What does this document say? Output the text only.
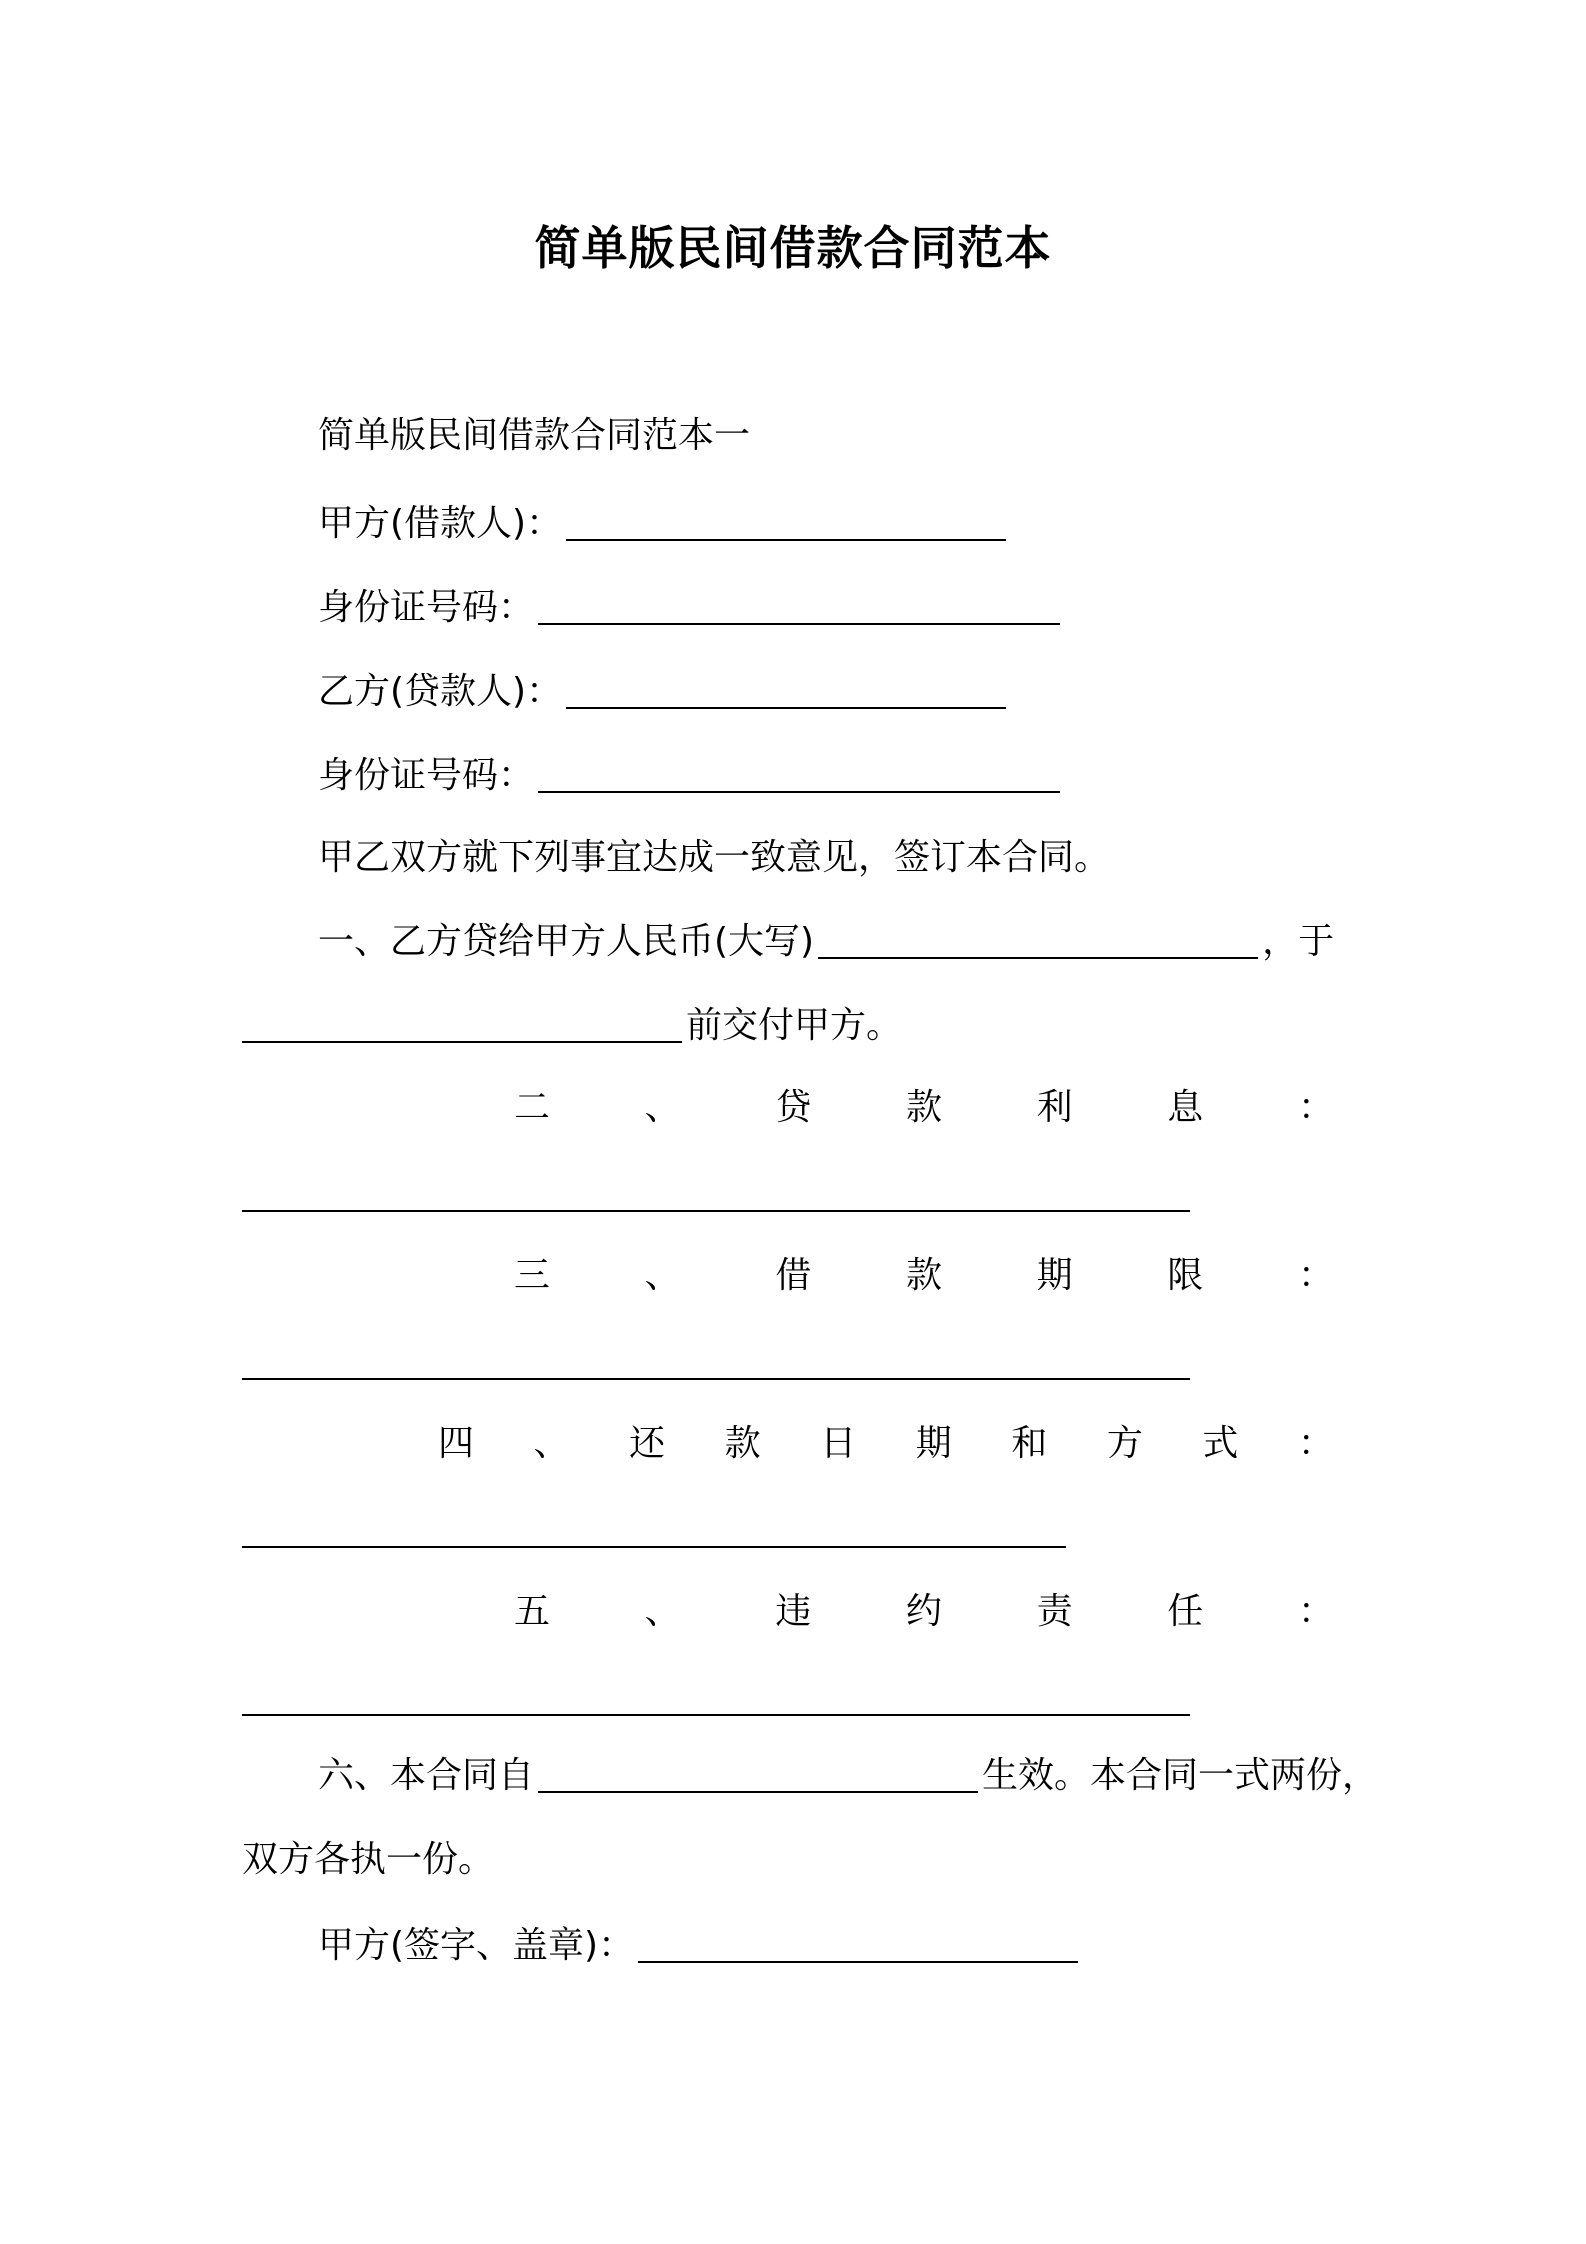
简单版民间借款合同范本
简单版民间借款合同范本一
甲方(借款人)：
身份证号码：
乙方(贷款人)：
身份证号码：
甲乙双方就下列事宜达成一致意见，签订本合同。
一、乙方贷给甲方人民币(大写)	，于
前交付甲方。
二	、	贷	款	利	息	：
三	、	借	款	期	限	：
四 、 还 款 日 期 和 方 式 ：
五	、	违	约	责	任	：
六、本合同自	生效。本合同一式两份，
双方各执一份。
甲方(签字、盖章)：
